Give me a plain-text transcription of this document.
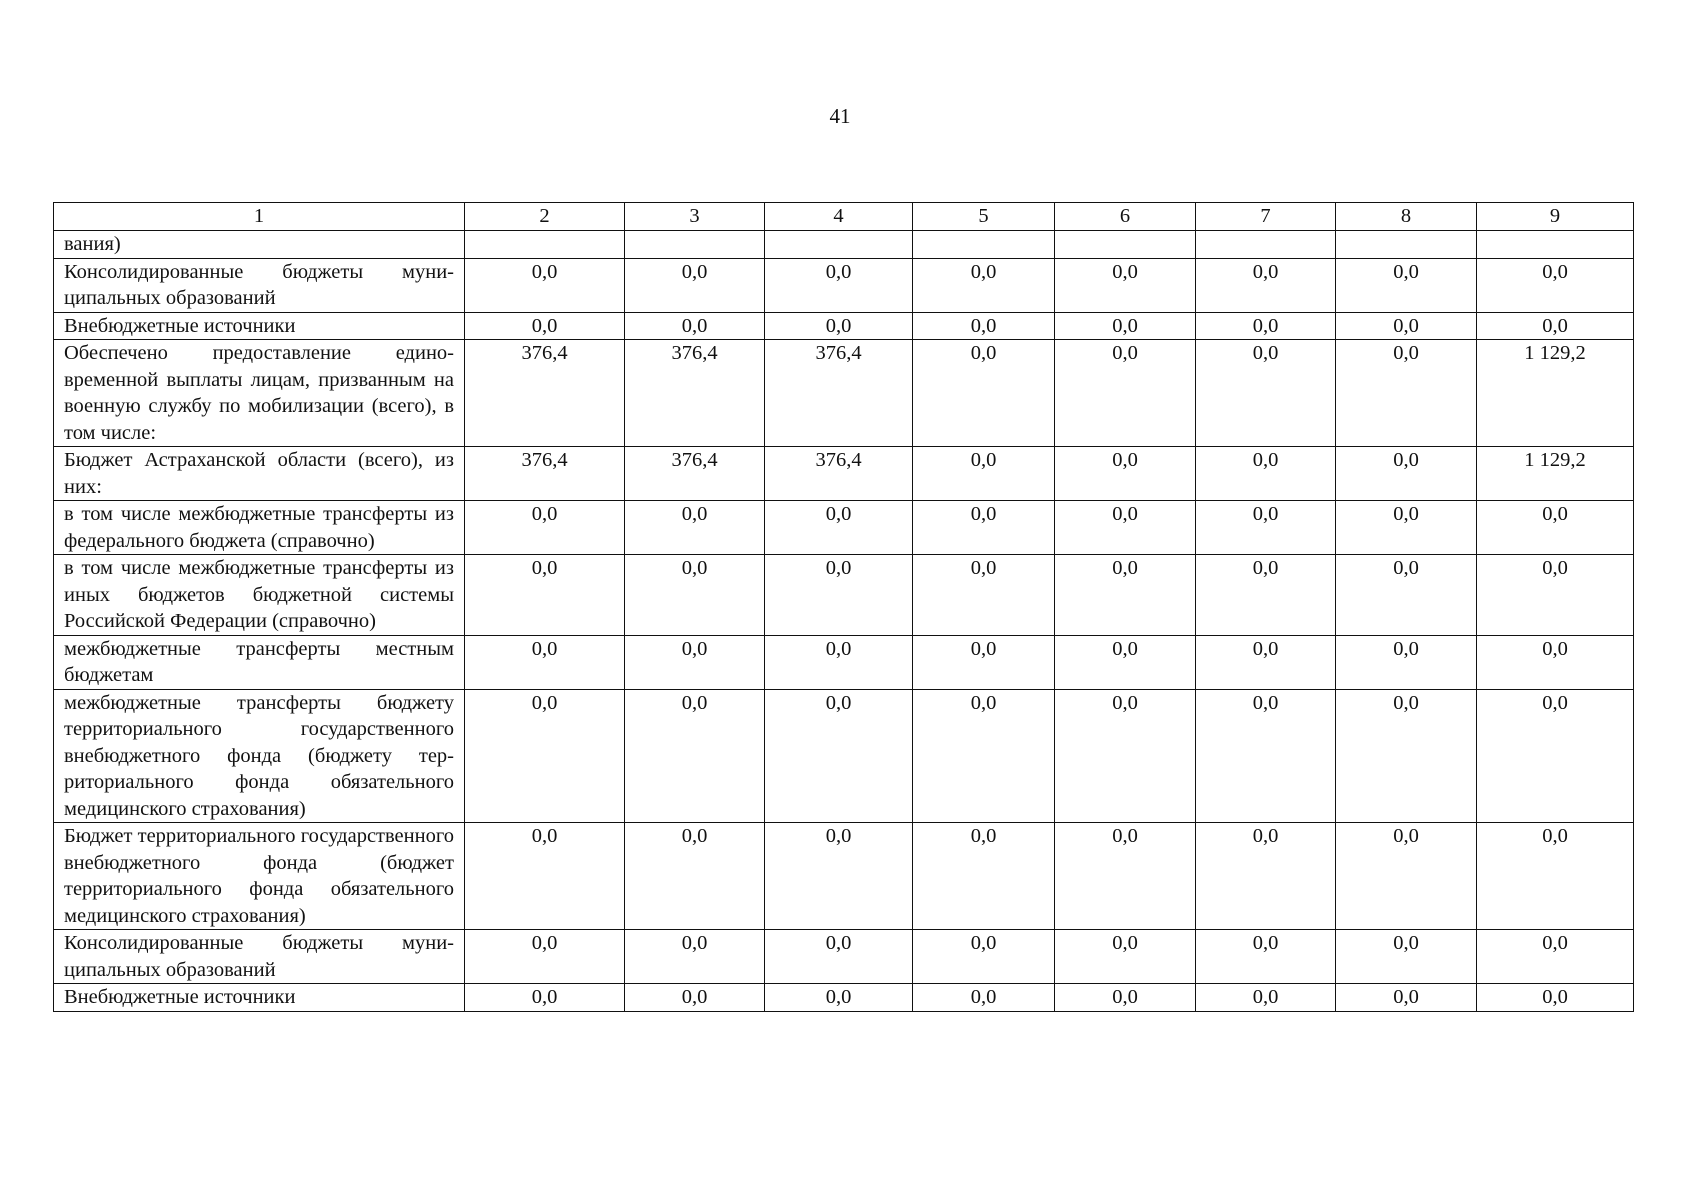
41
1	2	3	4	5	6	7	8	9
вания)								
Консолидированные бюджеты муниципальных образований	0,0	0,0	0,0	0,0	0,0	0,0	0,0	0,0
Внебюджетные источники	0,0	0,0	0,0	0,0	0,0	0,0	0,0	0,0
Обеспечено предоставление единовременной выплаты лицам, призванным на военную службу по мобилизации (всего), в том числе:	376,4	376,4	376,4	0,0	0,0	0,0	0,0	1 129,2
Бюджет Астраханской области (всего), из них:	376,4	376,4	376,4	0,0	0,0	0,0	0,0	1 129,2
в том числе межбюджетные трансферты из федерального бюджета (справочно)	0,0	0,0	0,0	0,0	0,0	0,0	0,0	0,0
в том числе межбюджетные трансферты из иных бюджетов бюджетной системы Российской Федерации (справочно)	0,0	0,0	0,0	0,0	0,0	0,0	0,0	0,0
межбюджетные трансферты местным бюджетам	0,0	0,0	0,0	0,0	0,0	0,0	0,0	0,0
межбюджетные трансферты бюджету территориального государственного внебюджетного фонда (бюджету территориального фонда обязательного медицинского страхования)	0,0	0,0	0,0	0,0	0,0	0,0	0,0	0,0
Бюджет территориального государственного внебюджетного фонда (бюджет территориального фонда обязательного медицинского страхования)	0,0	0,0	0,0	0,0	0,0	0,0	0,0	0,0
Консолидированные бюджеты муниципальных образований	0,0	0,0	0,0	0,0	0,0	0,0	0,0	0,0
Внебюджетные источники	0,0	0,0	0,0	0,0	0,0	0,0	0,0	0,0
